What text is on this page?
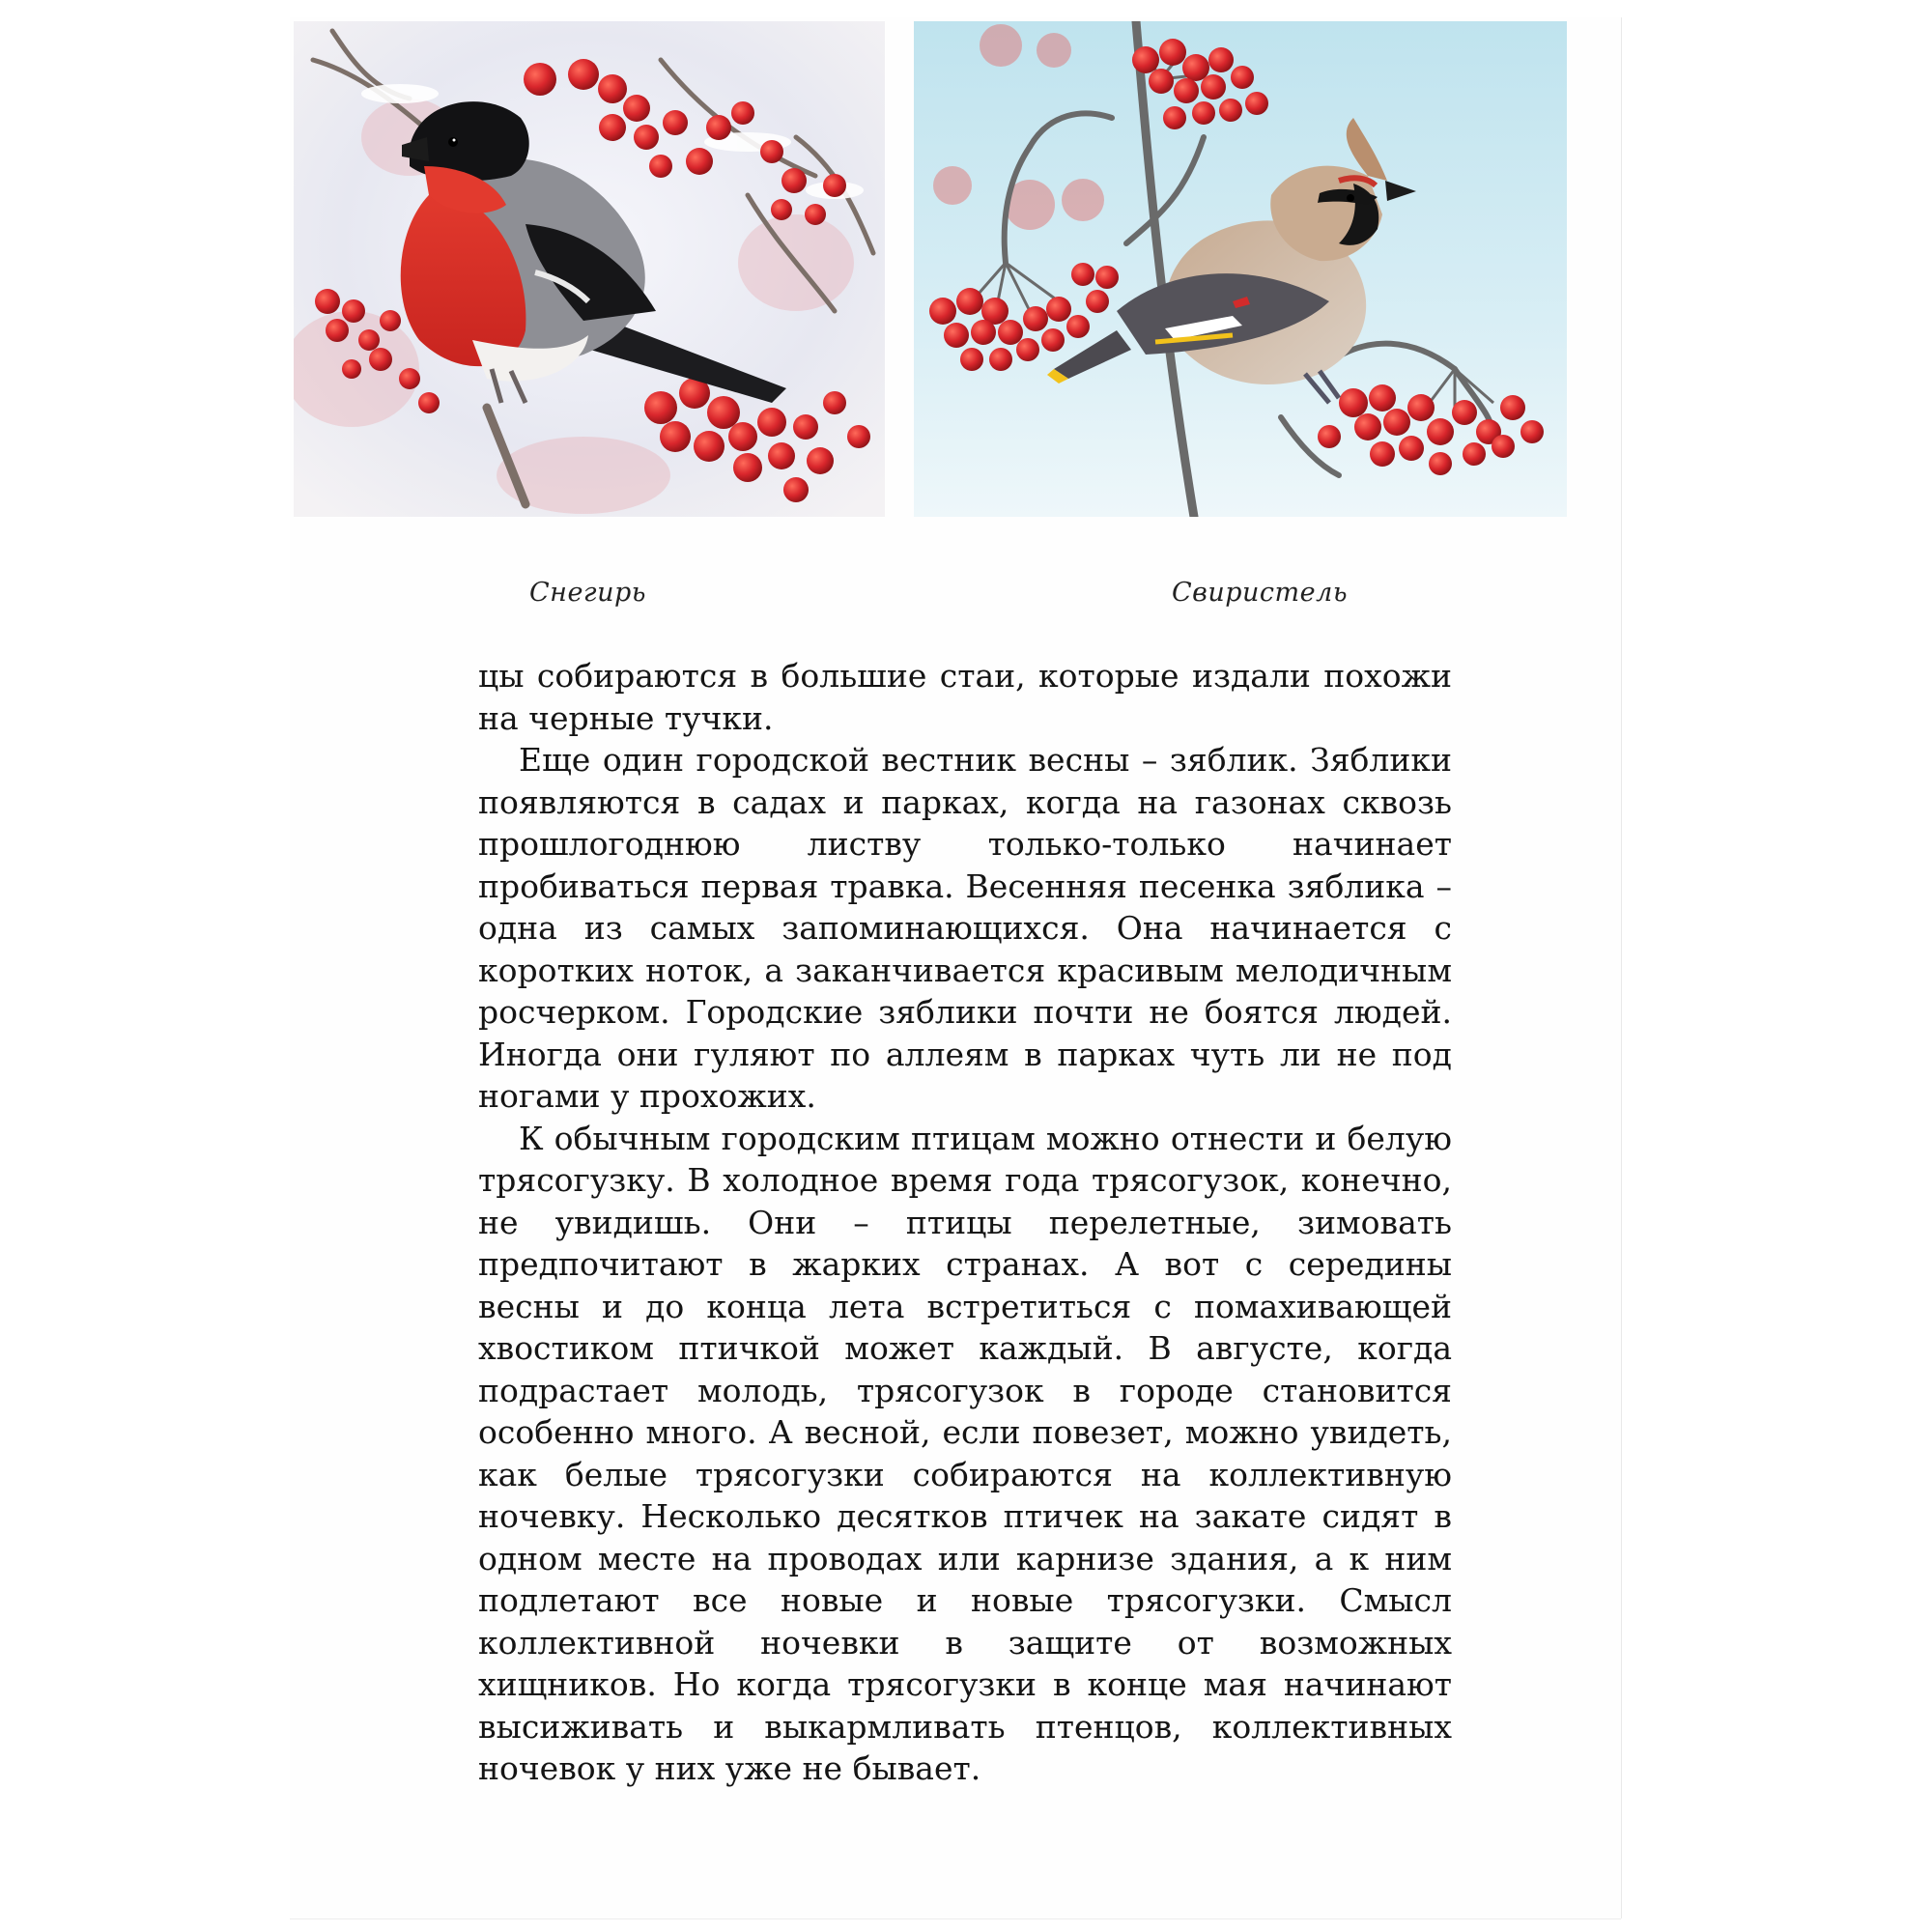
Снегирь	Свиристель

цы собираются в большие стаи, которые издали похожи на черные тучки.

Еще один городской вестник весны – зяблик. Зяблики появляются в садах и парках, когда на газонах сквозь прошлогоднюю листву только-только начинает пробиваться первая травка. Весенняя песенка зяблика – одна из самых запоминающихся. Она начинается с коротких ноток, а заканчивается красивым мелодичным росчерком. Городские зяблики почти не боятся людей. Иногда они гуляют по аллеям в парках чуть ли не под ногами у прохожих.

К обычным городским птицам можно отнести и белую трясогузку. В холодное время года трясогузок, конечно, не увидишь. Они – птицы перелетные, зимовать предпочитают в жарких странах. А вот с середины весны и до конца лета встретиться с помахивающей хвостиком птичкой может каждый. В августе, когда подрастает молодь, трясогузок в городе становится особенно много. А весной, если повезет, можно увидеть, как белые трясогузки собираются на коллективную ночевку. Несколько десятков птичек на закате сидят в одном месте на проводах или карнизе здания, а к ним подлетают все новые и новые трясогузки. Смысл коллективной ночевки в защите от возможных хищников. Но когда трясогузки в конце мая начинают высиживать и выкармливать птенцов, коллективных ночевок у них уже не бывает.
